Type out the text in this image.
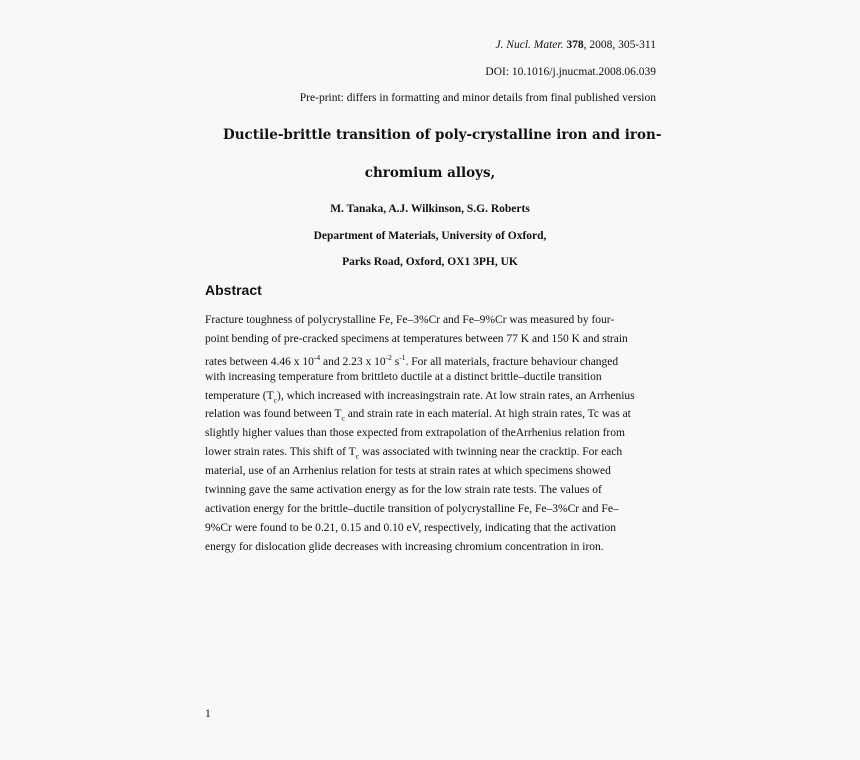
J. Nucl. Mater. 378, 2008, 305-311
DOI: 10.1016/j.jnucmat.2008.06.039
Pre-print: differs in formatting and minor details from final published version
Ductile-brittle transition of poly-crystalline iron and iron-
chromium alloys,
M. Tanaka, A.J. Wilkinson, S.G. Roberts
Department of Materials, University of Oxford,
Parks Road, Oxford, OX1 3PH, UK
Abstract
Fracture toughness of polycrystalline Fe, Fe–3%Cr and Fe–9%Cr was measured by four-
point bending of pre-cracked specimens at temperatures between 77 K and 150 K and strain
rates between 4.46 x $10^{-4}$ and 2.23 x $10^{-2}$ $s^{-1}$. For all materials, fracture behaviour changed
with increasing temperature from brittleto ductile at a distinct brittle–ductile transition
temperature $(T_c)$, which increased with increasingstrain rate. At low strain rates, an Arrhenius
relation was found between $T_c$ and strain rate in each material. At high strain rates, Tc was at
slightly higher values than those expected from extrapolation of theArrhenius relation from
lower strain rates. This shift of $T_c$ was associated with twinning near the cracktip. For each
material, use of an Arrhenius relation for tests at strain rates at which specimens showed
twinning gave the same activation energy as for the low strain rate tests. The values of
activation energy for the brittle–ductile transition of polycrystalline Fe, Fe–3%Cr and Fe–
9%Cr were found to be 0.21, 0.15 and 0.10 eV, respectively, indicating that the activation
energy for dislocation glide decreases with increasing chromium concentration in iron.
1
